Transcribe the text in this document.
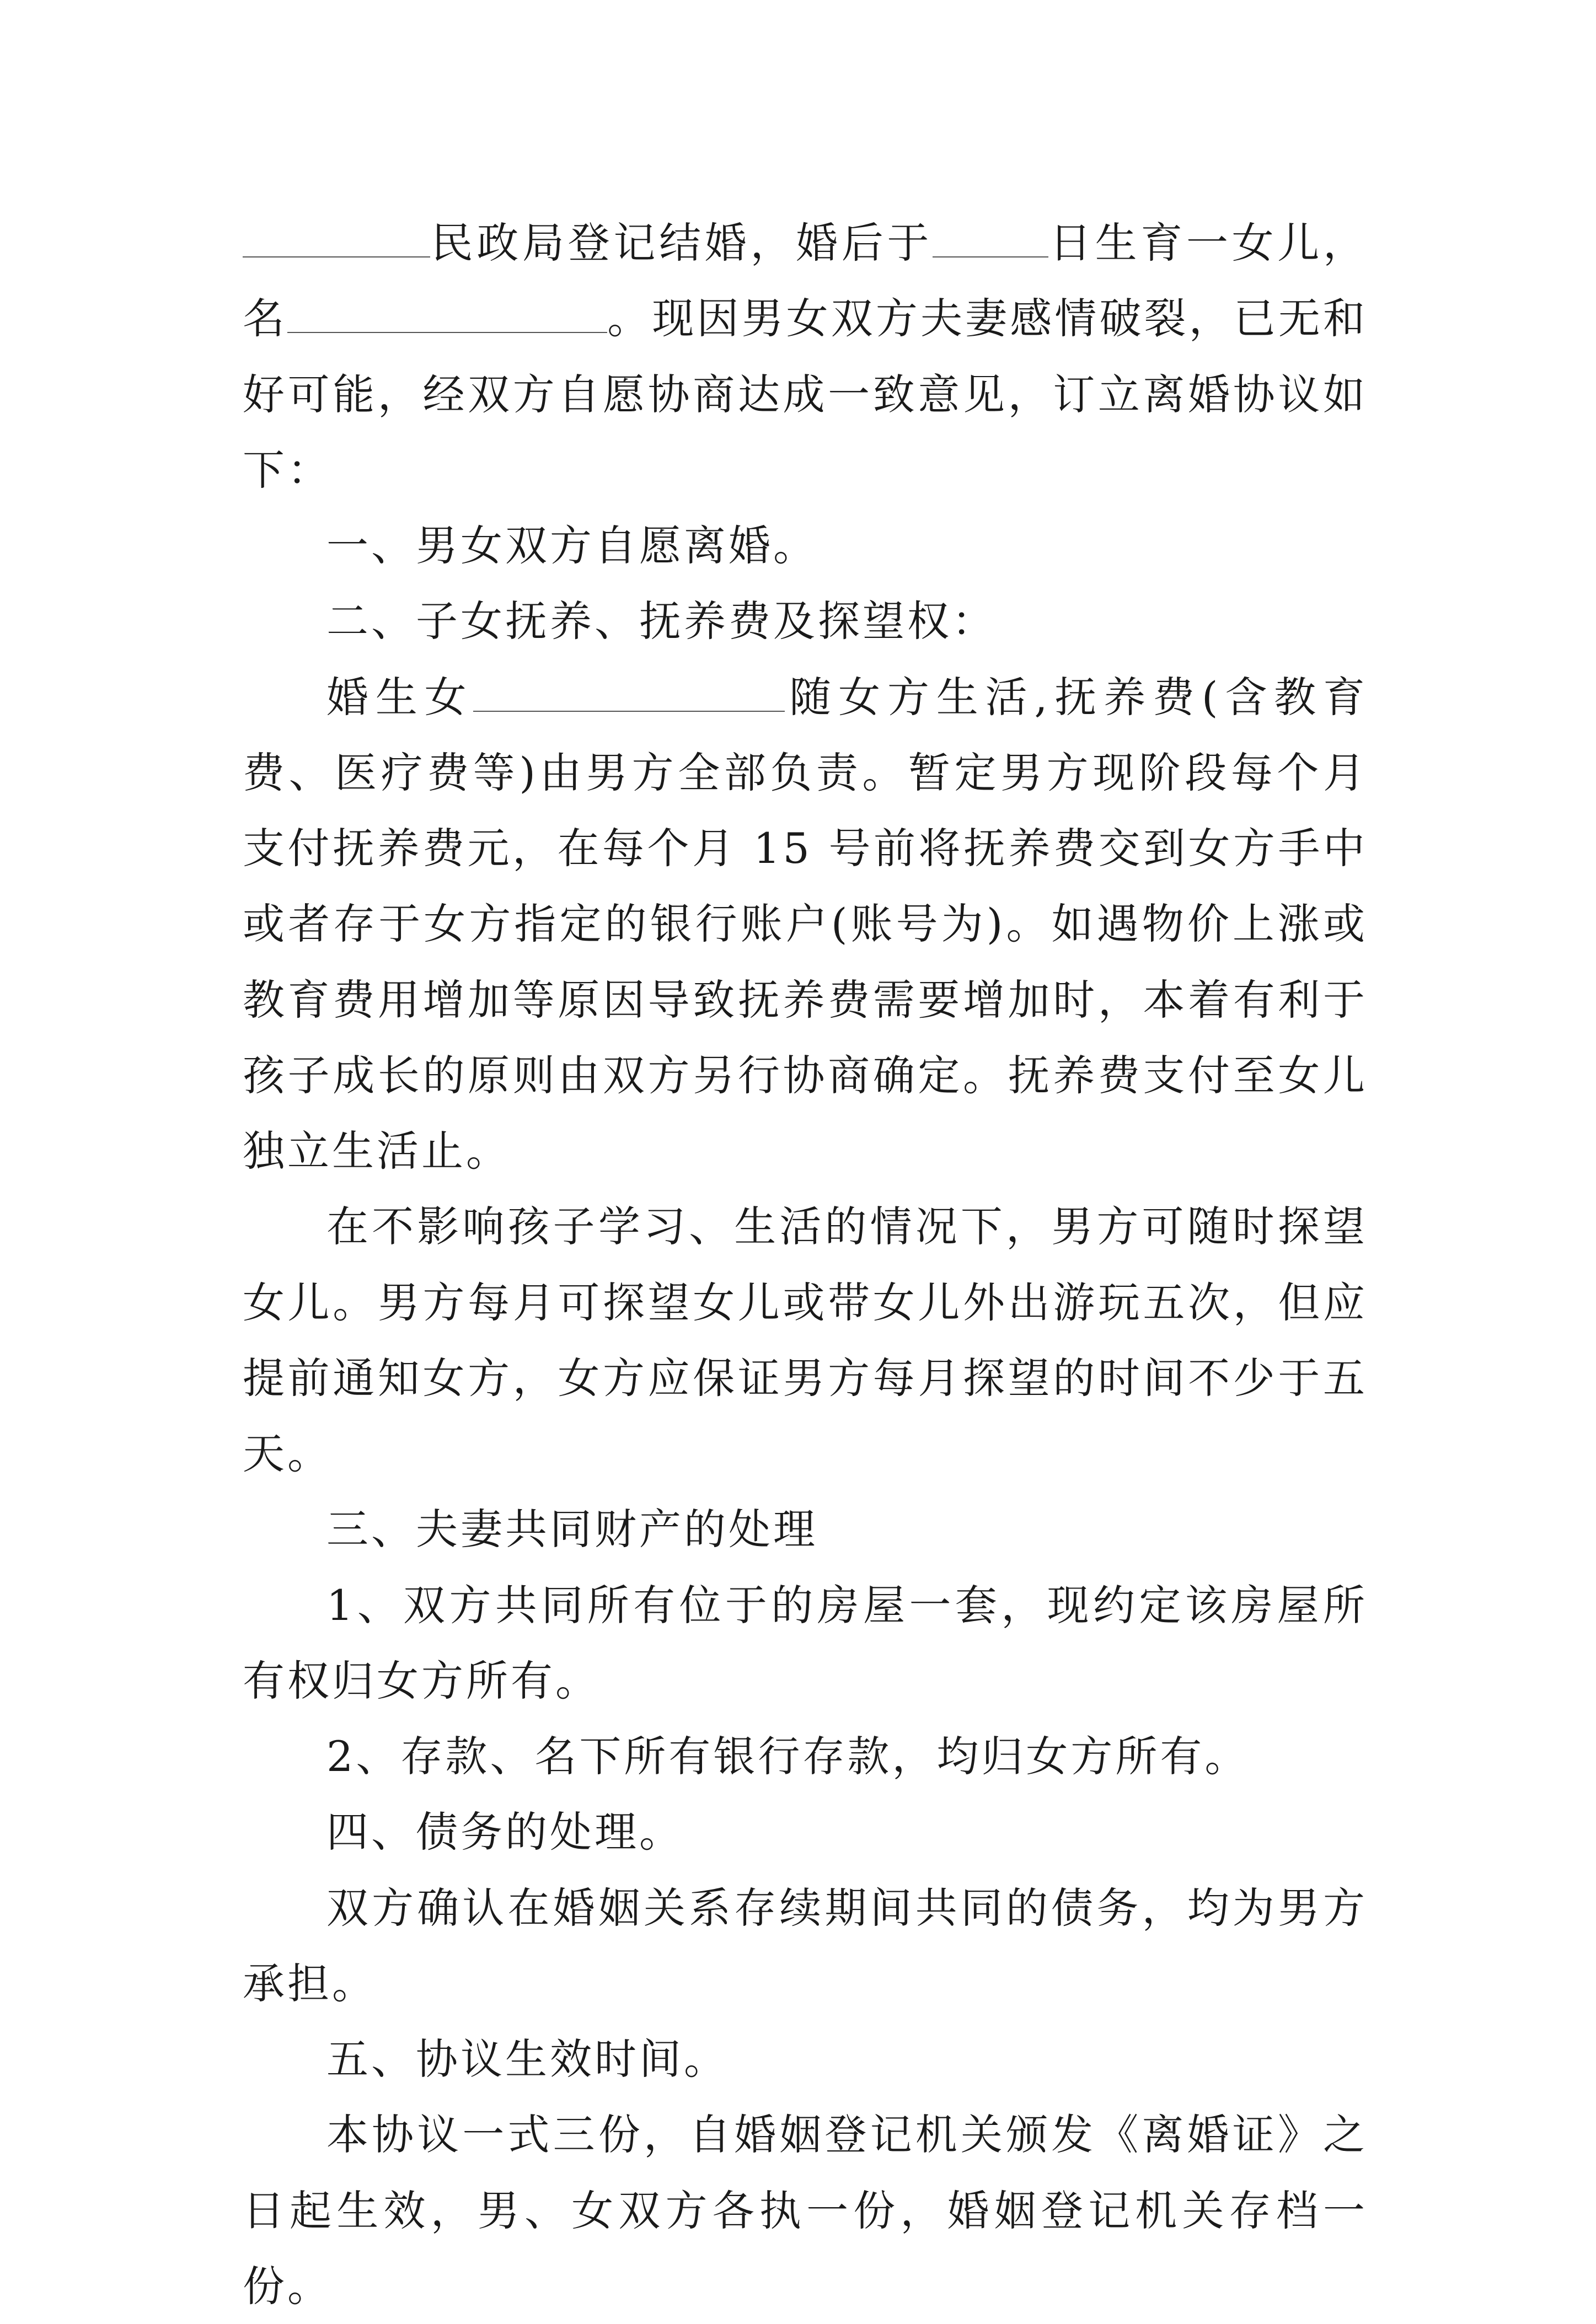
民政局登记结婚，婚后于	日生育一女儿，名	。现因男女双方夫妻感情破裂，已无和好可能，经双方自愿协商达成一致意见，订立离婚协议如下：

一、男女双方自愿离婚。

二、子女抚养、抚养费及探望权：

婚生女	随女方生活,抚养费(含教育费、医疗费等)由男方全部负责。暂定男方现阶段每个月支付抚养费元，在每个月 15 号前将抚养费交到女方手中或者存于女方指定的银行账户(账号为)。如遇物价上涨或教育费用增加等原因导致抚养费需要增加时，本着有利于孩子成长的原则由双方另行协商确定。抚养费支付至女儿独立生活止。

在不影响孩子学习、生活的情况下，男方可随时探望女儿。男方每月可探望女儿或带女儿外出游玩五次，但应提前通知女方，女方应保证男方每月探望的时间不少于五天。

三、夫妻共同财产的处理

1、双方共同所有位于的房屋一套，现约定该房屋所有权归女方所有。

2、存款、名下所有银行存款，均归女方所有。

四、债务的处理。

双方确认在婚姻关系存续期间共同的债务，均为男方承担。

五、协议生效时间。

本协议一式三份，自婚姻登记机关颁发《离婚证》之日起生效，男、女双方各执一份，婚姻登记机关存档一份。
